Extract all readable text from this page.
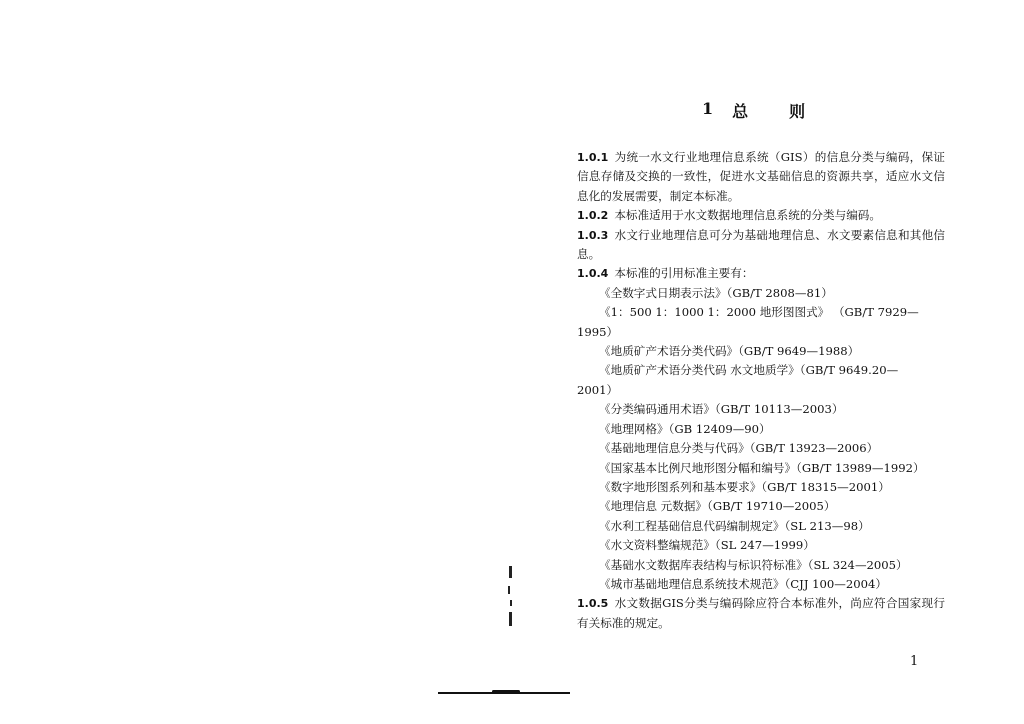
1 总	则

1.0.1 为统一水文行业地理信息系统（GIS）的信息分类与编码，保证信息存储及交换的一致性，促进水文基础信息的资源共享，适应水文信息化的发展需要，制定本标准。

1.0.2 本标准适用于水文数据地理信息系统的分类与编码。

1.0.3 水文行业地理信息可分为基础地理信息、水文要素信息和其他信息。

1.0.4 本标准的引用标准主要有：

《全数字式日期表示法》（GB/T 2808—81）

《1：500 1：1000 1：2000 地形图图式》 （GB/T 7929—

1995）

《地质矿产术语分类代码》（GB/T 9649—1988）

《地质矿产术语分类代码 水文地质学》（GB/T 9649.20—

2001）

《分类编码通用术语》（GB/T 10113—2003）

《地理网格》（GB 12409—90）

《基础地理信息分类与代码》（GB/T 13923—2006）

《国家基本比例尺地形图分幅和编号》（GB/T 13989—1992）

《数字地形图系列和基本要求》（GB/T 18315—2001）

《地理信息 元数据》（GB/T 19710—2005）

《水利工程基础信息代码编制规定》（SL 213—98）

《水文资料整编规范》（SL 247—1999）

《基础水文数据库表结构与标识符标准》（SL 324—2005）

《城市基础地理信息系统技术规范》（CJJ 100—2004）

1.0.5 水文数据GIS分类与编码除应符合本标准外，尚应符合国家现行有关标准的规定。

1
